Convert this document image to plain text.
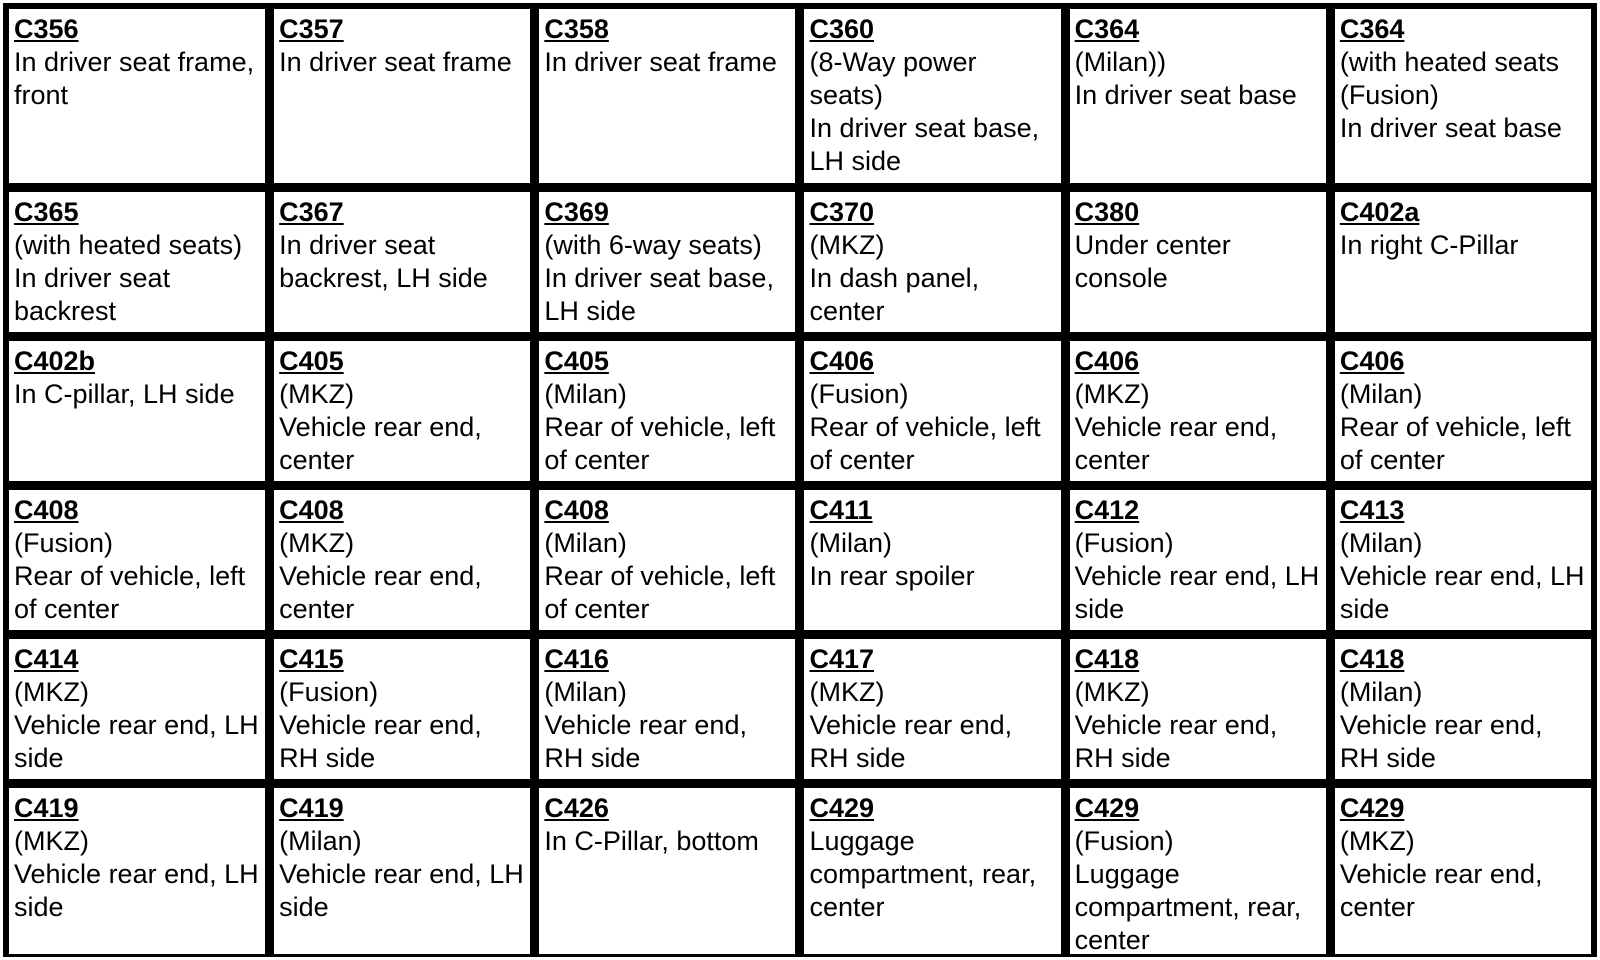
C356
In driver seat frame, front
C357
In driver seat frame
C358
In driver seat frame
C360
(8-Way power seats)
In driver seat base, LH side
C364
(Milan))
In driver seat base
C364
(with heated seats (Fusion)
In driver seat base
C365
(with heated seats)
In driver seat backrest
C367
In driver seat backrest, LH side
C369
(with 6-way seats)
In driver seat base, LH side
C370
(MKZ)
In dash panel, center
C380
Under center console
C402a
In right C-Pillar
C402b
In C-pillar, LH side
C405
(MKZ)
Vehicle rear end, center
C405
(Milan)
Rear of vehicle, left of center
C406
(Fusion)
Rear of vehicle, left of center
C406
(MKZ)
Vehicle rear end, center
C406
(Milan)
Rear of vehicle, left of center
C408
(Fusion)
Rear of vehicle, left of center
C408
(MKZ)
Vehicle rear end, center
C408
(Milan)
Rear of vehicle, left of center
C411
(Milan)
In rear spoiler
C412
(Fusion)
Vehicle rear end, LH side
C413
(Milan)
Vehicle rear end, LH side
C414
(MKZ)
Vehicle rear end, LH side
C415
(Fusion)
Vehicle rear end, RH side
C416
(Milan)
Vehicle rear end, RH side
C417
(MKZ)
Vehicle rear end, RH side
C418
(MKZ)
Vehicle rear end, RH side
C418
(Milan)
Vehicle rear end, RH side
C419
(MKZ)
Vehicle rear end, LH side
C419
(Milan)
Vehicle rear end, LH side
C426
In C-Pillar, bottom
C429
Luggage compartment, rear, center
C429
(Fusion)
Luggage compartment, rear, center
C429
(MKZ)
Vehicle rear end, center
